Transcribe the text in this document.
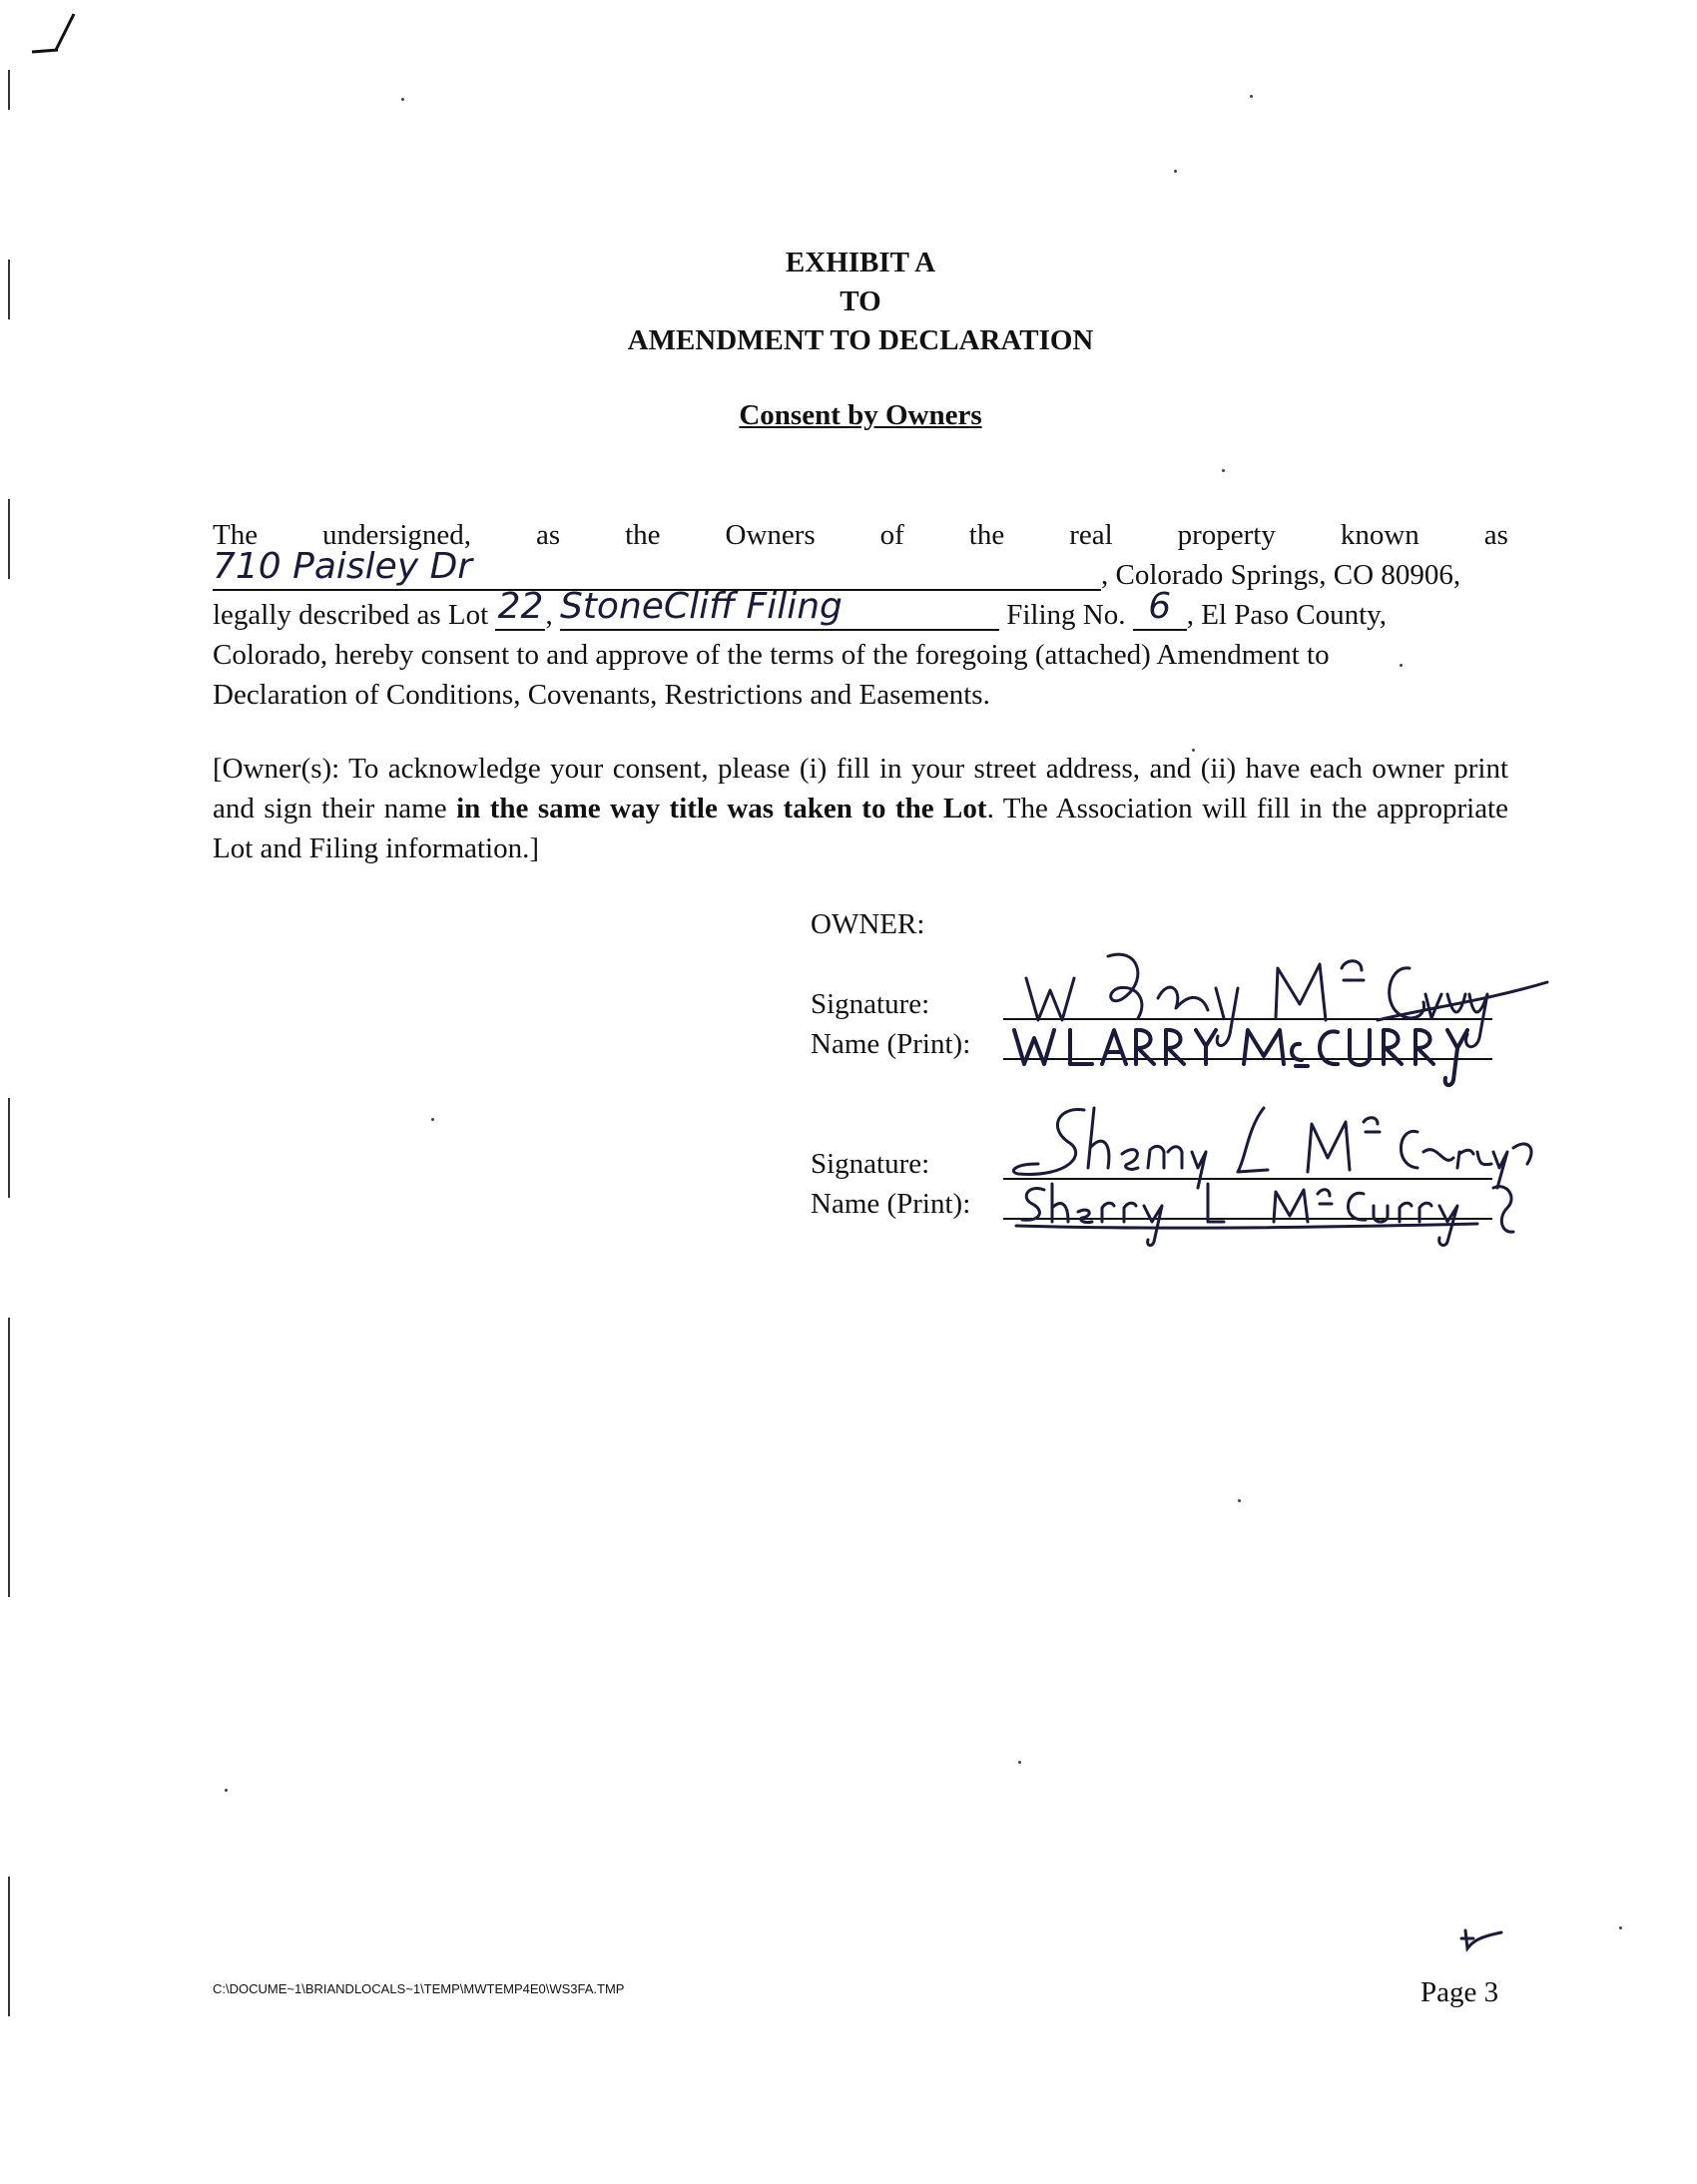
EXHIBIT A
TO
AMENDMENT TO DECLARATION
Consent by Owners
The undersigned, as the Owners of the real property known as
710 Paisley Dr	, Colorado Springs, CO 80906,
legally described as Lot 22, StoneCliff Filing	Filing No. 6 , El Paso County,
Colorado, hereby consent to and approve of the terms of the foregoing (attached) Amendment to
Declaration of Conditions, Covenants, Restrictions and Easements.
[Owner(s): To acknowledge your consent, please (i) fill in your street address, and (ii) have each owner print and sign their name in the same way title was taken to the Lot. The Association will fill in the appropriate Lot and Filing information.]
OWNER:
Signature:
Name (Print):
Signature:
Name (Print):
C:\DOCUME~1\BRIANDLOCALS~1\TEMP\MWTEMP4E0\WS3FA.TMP	Page 3
